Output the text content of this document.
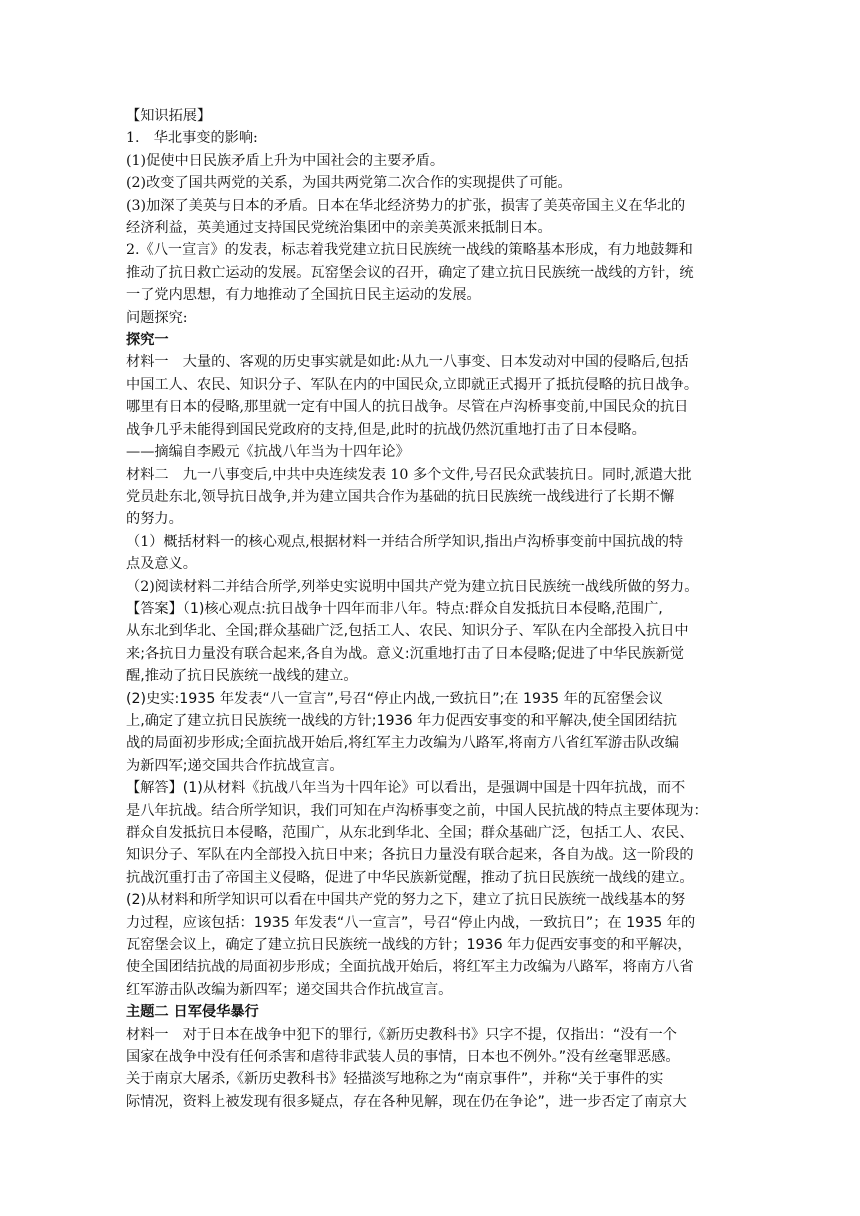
【知识拓展】

1.　华北事变的影响:

(1)促使中日民族矛盾上升为中国社会的主要矛盾。

(2)改变了国共两党的关系，为国共两党第二次合作的实现提供了可能。

(3)加深了美英与日本的矛盾。日本在华北经济势力的扩张，损害了美英帝国主义在华北的

经济利益，英美通过支持国民党统治集团中的亲美英派来抵制日本。

2.《八一宣言》的发表，标志着我党建立抗日民族统一战线的策略基本形成，有力地鼓舞和

推动了抗日救亡运动的发展。瓦窑堡会议的召开，确定了建立抗日民族统一战线的方针，统

一了党内思想，有力地推动了全国抗日民主运动的发展。

问题探究:

探究一

材料一　大量的、客观的历史事实就是如此:从九一八事变、日本发动对中国的侵略后,包括

中国工人、农民、知识分子、军队在内的中国民众,立即就正式揭开了抵抗侵略的抗日战争。

哪里有日本的侵略,那里就一定有中国人的抗日战争。尽管在卢沟桥事变前,中国民众的抗日

战争几乎未能得到国民党政府的支持,但是,此时的抗战仍然沉重地打击了日本侵略。

——摘编自李殿元《抗战八年当为十四年论》

材料二　九一八事变后,中共中央连续发表 10 多个文件,号召民众武装抗日。同时,派遣大批

党员赴东北,领导抗日战争,并为建立国共合作为基础的抗日民族统一战线进行了长期不懈

的努力。

（1）概括材料一的核心观点,根据材料一并结合所学知识,指出卢沟桥事变前中国抗战的特

点及意义。

（2)阅读材料二并结合所学,列举史实说明中国共产党为建立抗日民族统一战线所做的努力。

【答案】（1)核心观点:抗日战争十四年而非八年。特点:群众自发抵抗日本侵略,范围广,

从东北到华北、全国;群众基础广泛,包括工人、农民、知识分子、军队在内全部投入抗日中

来;各抗日力量没有联合起来,各自为战。意义:沉重地打击了日本侵略;促进了中华民族新觉

醒,推动了抗日民族统一战线的建立。

(2)史实:1935 年发表“八一宣言”,号召“停止内战,一致抗日”;在 1935 年的瓦窑堡会议

上,确定了建立抗日民族统一战线的方针;1936 年力促西安事变的和平解决,使全国团结抗

战的局面初步形成;全面抗战开始后,将红军主力改编为八路军,将南方八省红军游击队改编

为新四军;递交国共合作抗战宣言。

【解答】(1)从材料《抗战八年当为十四年论》可以看出，是强调中国是十四年抗战，而不

是八年抗战。结合所学知识，我们可知在卢沟桥事变之前，中国人民抗战的特点主要体现为：

群众自发抵抗日本侵略，范围广，从东北到华北、全国；群众基础广泛，包括工人、农民、

知识分子、军队在内全部投入抗日中来；各抗日力量没有联合起来，各自为战。这一阶段的

抗战沉重打击了帝国主义侵略，促进了中华民族新觉醒，推动了抗日民族统一战线的建立。

(2)从材料和所学知识可以看在中国共产党的努力之下，建立了抗日民族统一战线基本的努

力过程，应该包括：1935 年发表“八一宣言”，号召“停止内战，一致抗日”；在 1935 年的

瓦窑堡会议上，确定了建立抗日民族统一战线的方针；1936 年力促西安事变的和平解决，

使全国团结抗战的局面初步形成；全面抗战开始后，将红军主力改编为八路军，将南方八省

红军游击队改编为新四军；递交国共合作抗战宣言。

主题二 日军侵华暴行

材料一　对于日本在战争中犯下的罪行,《新历史教科书》只字不提，仅指出：“没有一个

国家在战争中没有任何杀害和虐待非武装人员的事情，日本也不例外。”没有丝毫罪恶感。

关于南京大屠杀,《新历史教科书》轻描淡写地称之为“南京事件”，并称“关于事件的实

际情况，资料上被发现有很多疑点，存在各种见解，现在仍在争论”，进一步否定了南京大
